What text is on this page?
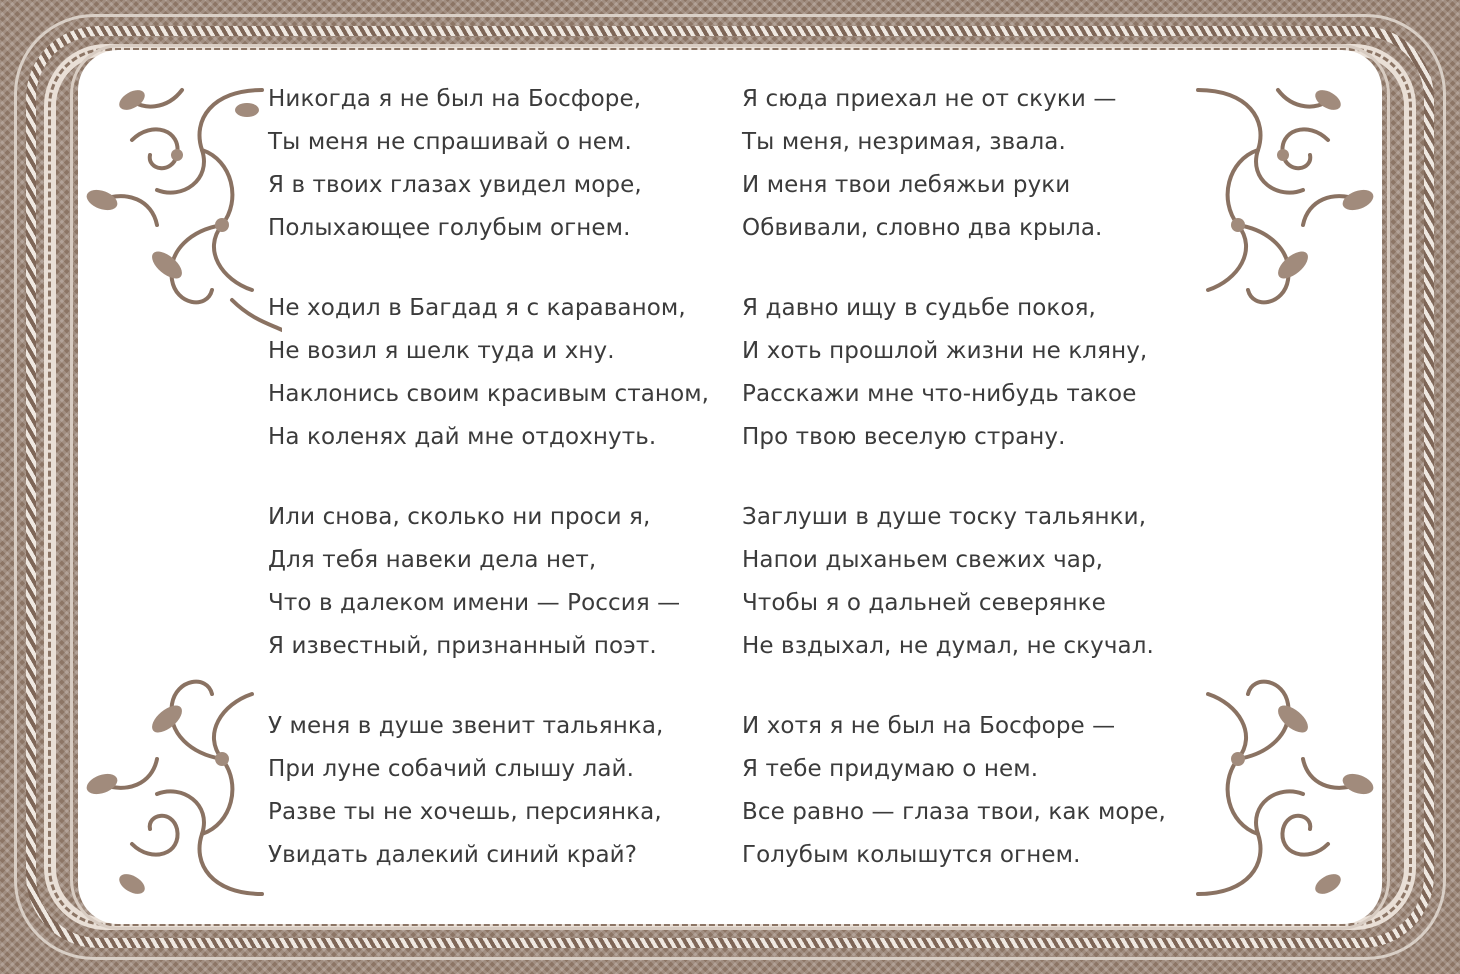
Никогда я не был на Босфоре,
Ты меня не спрашивай о нем.
Я в твоих глазах увидел море,
Полыхающее голубым огнем.
Не ходил в Багдад я с караваном,
Не возил я шелк туда и хну.
Наклонись своим красивым станом,
На коленях дай мне отдохнуть.
Или снова, сколько ни проси я,
Для тебя навеки дела нет,
Что в далеком имени — Россия —
Я известный, признанный поэт.
У меня в душе звенит тальянка,
При луне собачий слышу лай.
Разве ты не хочешь, персиянка,
Увидать далекий синий край?
Я сюда приехал не от скуки —
Ты меня, незримая, звала.
И меня твои лебяжьи руки
Обвивали, словно два крыла.
Я давно ищу в судьбе покоя,
И хоть прошлой жизни не кляну,
Расскажи мне что-нибудь такое
Про твою веселую страну.
Заглуши в душе тоску тальянки,
Напои дыханьем свежих чар,
Чтобы я о дальней северянке
Не вздыхал, не думал, не скучал.
И хотя я не был на Босфоре —
Я тебе придумаю о нем.
Все равно — глаза твои, как море,
Голубым колышутся огнем.
